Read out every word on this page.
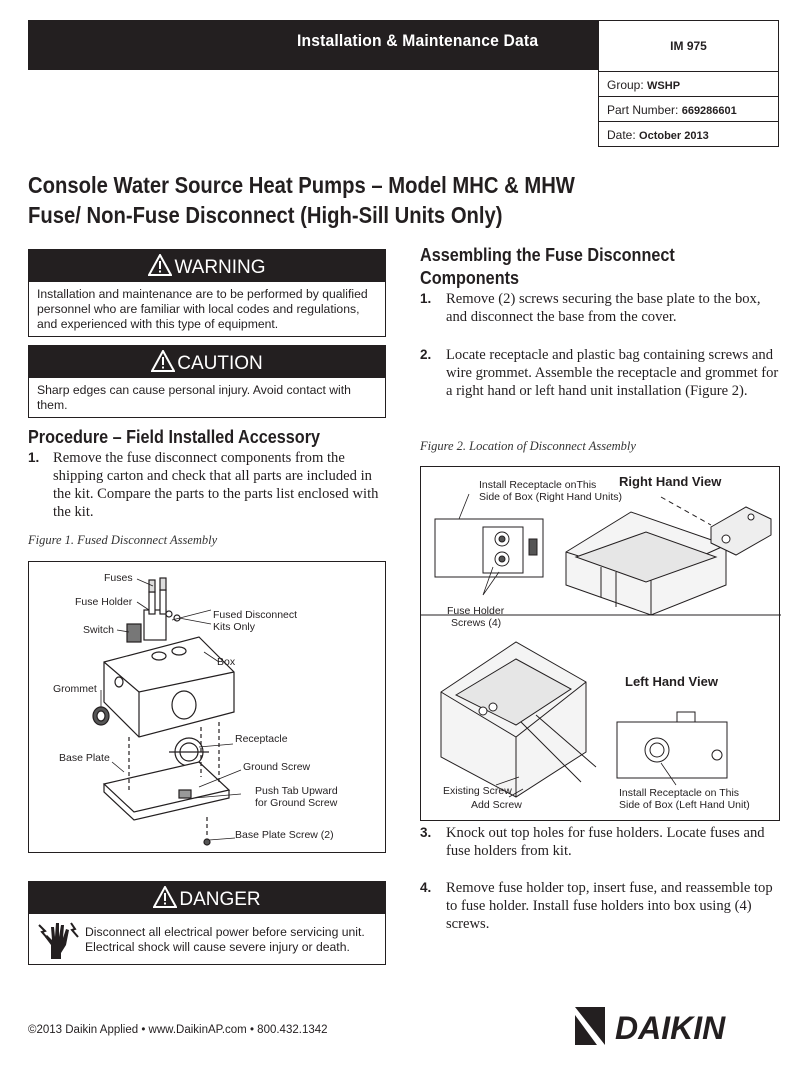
Installation & Maintenance Data	IM 975
Group: WSHP
Part Number: 669286601
Date: October 2013
Console Water Source Heat Pumps – Model MHC & MHW
Fuse/ Non-Fuse Disconnect (High-Sill Units Only)
WARNING
Installation and maintenance are to be performed by qualified personnel who are familiar with local codes and regulations, and experienced with this type of equipment.
CAUTION
Sharp edges can cause personal injury. Avoid contact with them.
Procedure – Field Installed Accessory
1. Remove the fuse disconnect components from the shipping carton and check that all parts are included in the kit. Compare the parts to the parts list enclosed with the kit.
Figure 1. Fused Disconnect Assembly
Fuses
Fuse Holder
Switch
Fused Disconnect
Kits Only
Box
Grommet
Receptacle
Base Plate
Ground Screw
Push Tab Upward
for Ground Screw
Base Plate Screw (2)
DANGER
Disconnect all electrical power before servicing unit.
Electrical shock will cause severe injury or death.
Assembling the Fuse Disconnect
Components
1. Remove (2) screws securing the base plate to the box, and disconnect the base from the cover.
2. Locate receptacle and plastic bag containing screws and wire grommet. Assemble the receptacle and grommet for a right hand or left hand unit installation (Figure 2).
Figure 2. Location of Disconnect Assembly
Install Receptacle onThis
Side of Box (Right Hand Units)
Right Hand View
Fuse Holder
Screws (4)
Left Hand View
Existing Screw
Add Screw
Install Receptacle on This
Side of Box (Left Hand Unit)
3. Knock out top holes for fuse holders. Locate fuses and fuse holders from kit.
4. Remove fuse holder top, insert fuse, and reassemble top to fuse holder. Install fuse holders into box using (4) screws.
©2013 Daikin Applied • www.DaikinAP.com • 800.432.1342	DAIKIN
